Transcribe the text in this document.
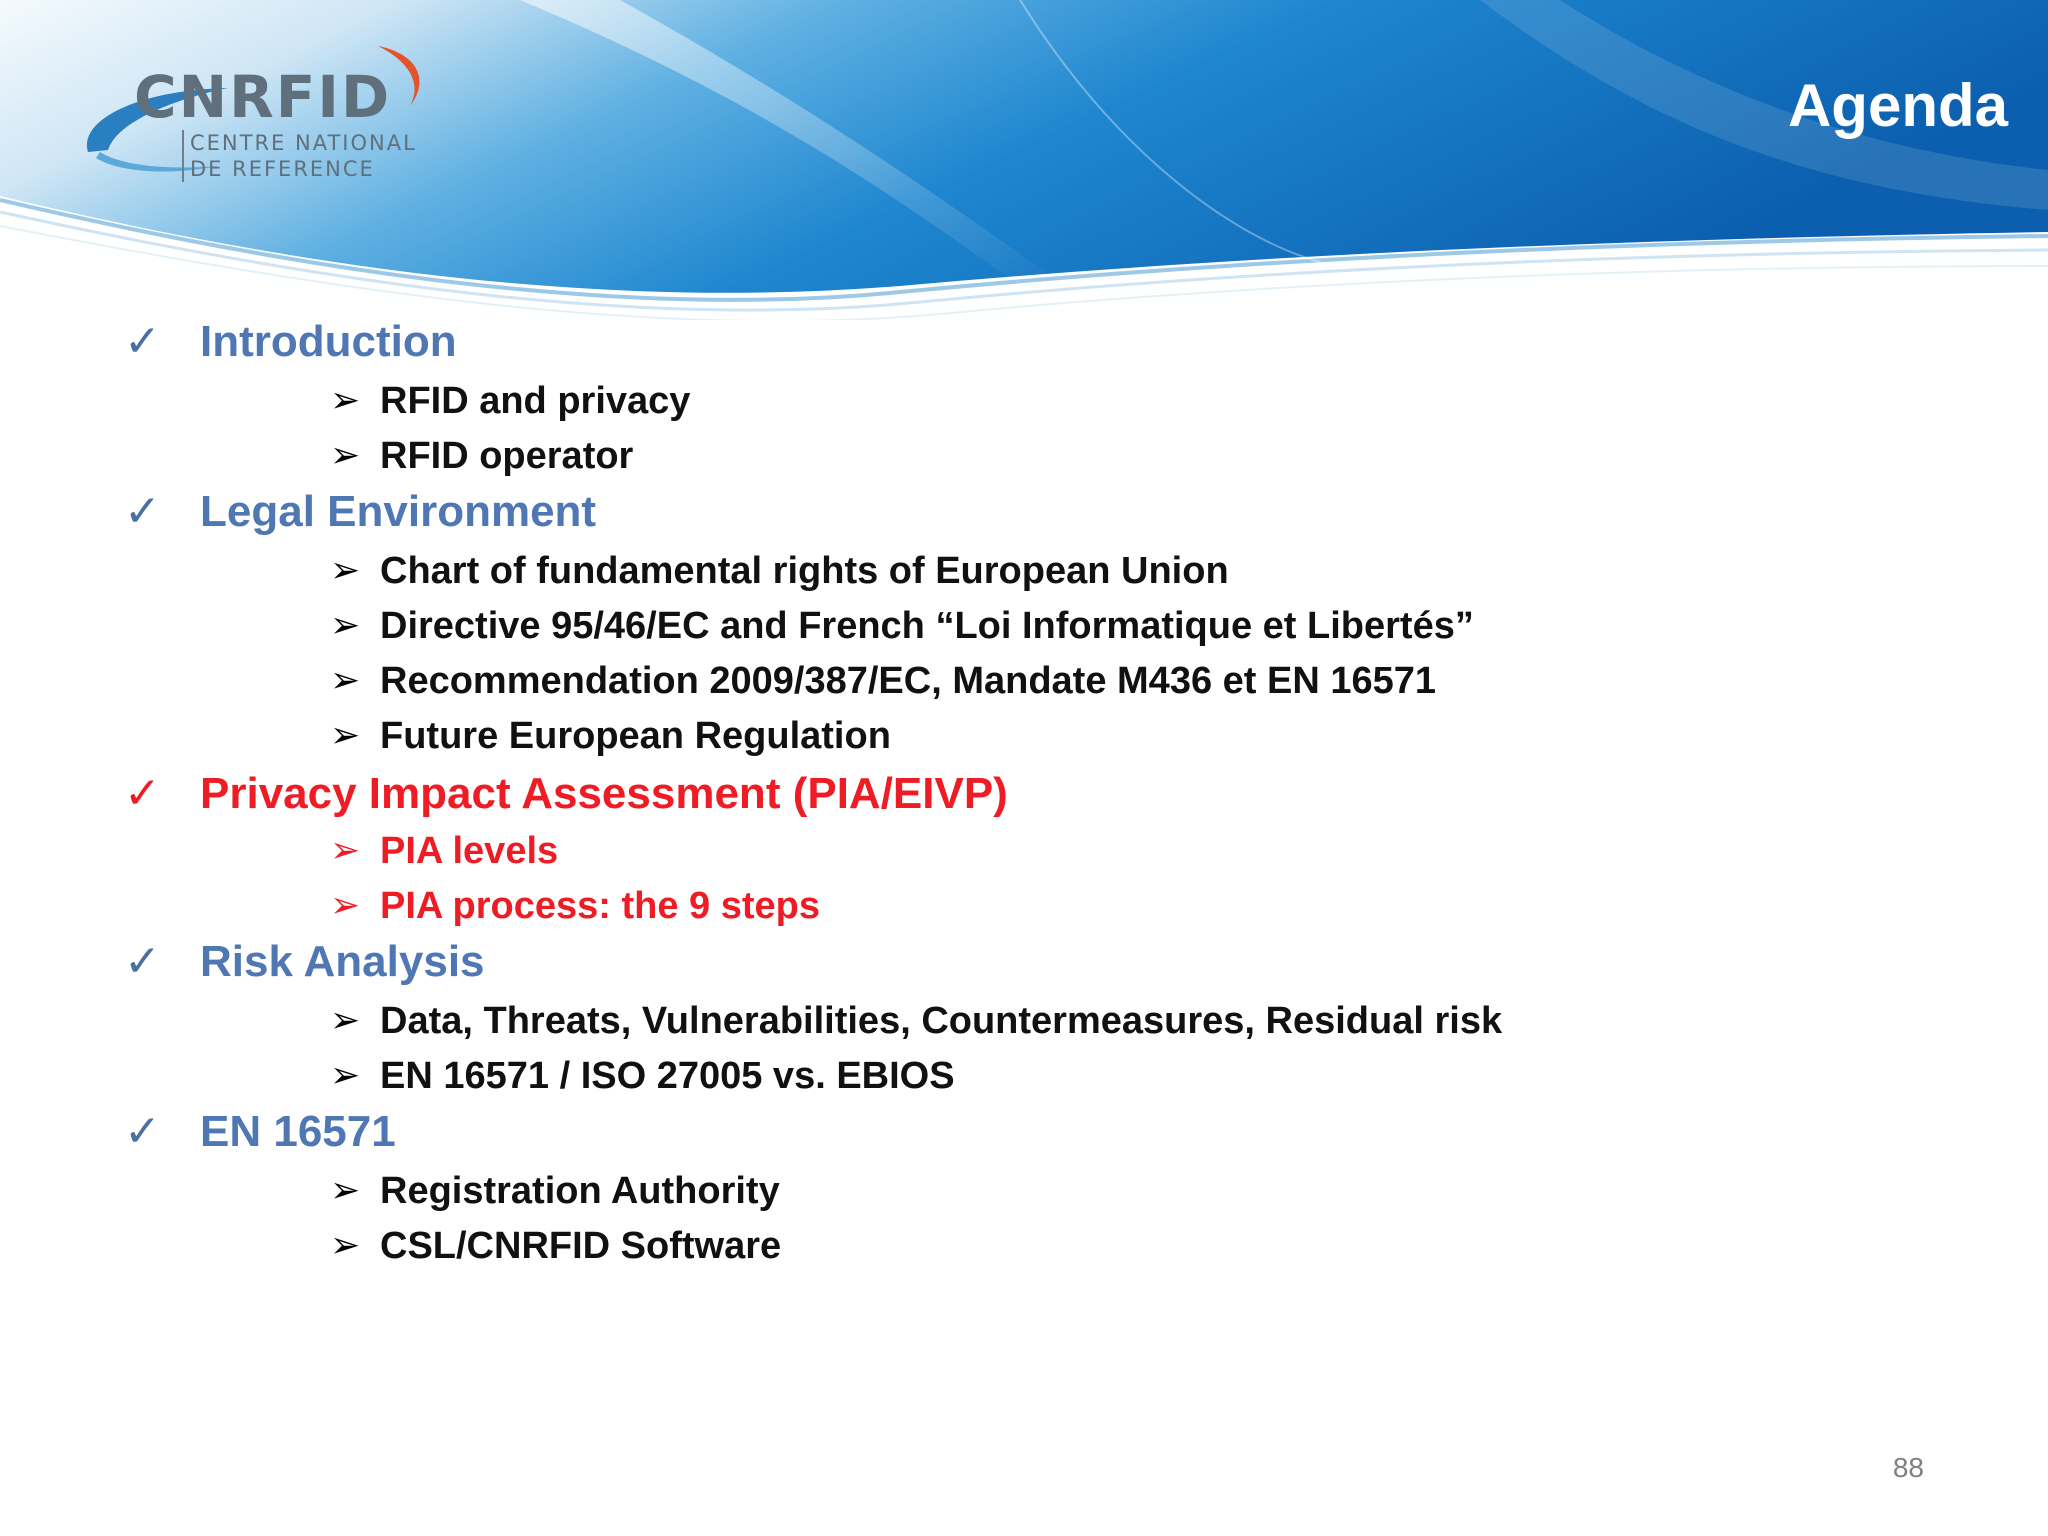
CNRFID
CENTRE NATIONAL
DE REFERENCE
Agenda
✓ Introduction
➢ RFID and privacy
➢ RFID operator
✓ Legal Environment
➢ Chart of fundamental rights of European Union
➢ Directive 95/46/EC and French “Loi Informatique et Libertés”
➢ Recommendation 2009/387/EC, Mandate M436 et EN 16571
➢ Future European Regulation
✓ Privacy Impact Assessment (PIA/EIVP)
➢ PIA levels
➢ PIA process: the 9 steps
✓ Risk Analysis
➢ Data, Threats, Vulnerabilities, Countermeasures, Residual risk
➢ EN 16571 / ISO 27005 vs. EBIOS
✓ EN 16571
➢ Registration Authority
➢ CSL/CNRFID Software
88
